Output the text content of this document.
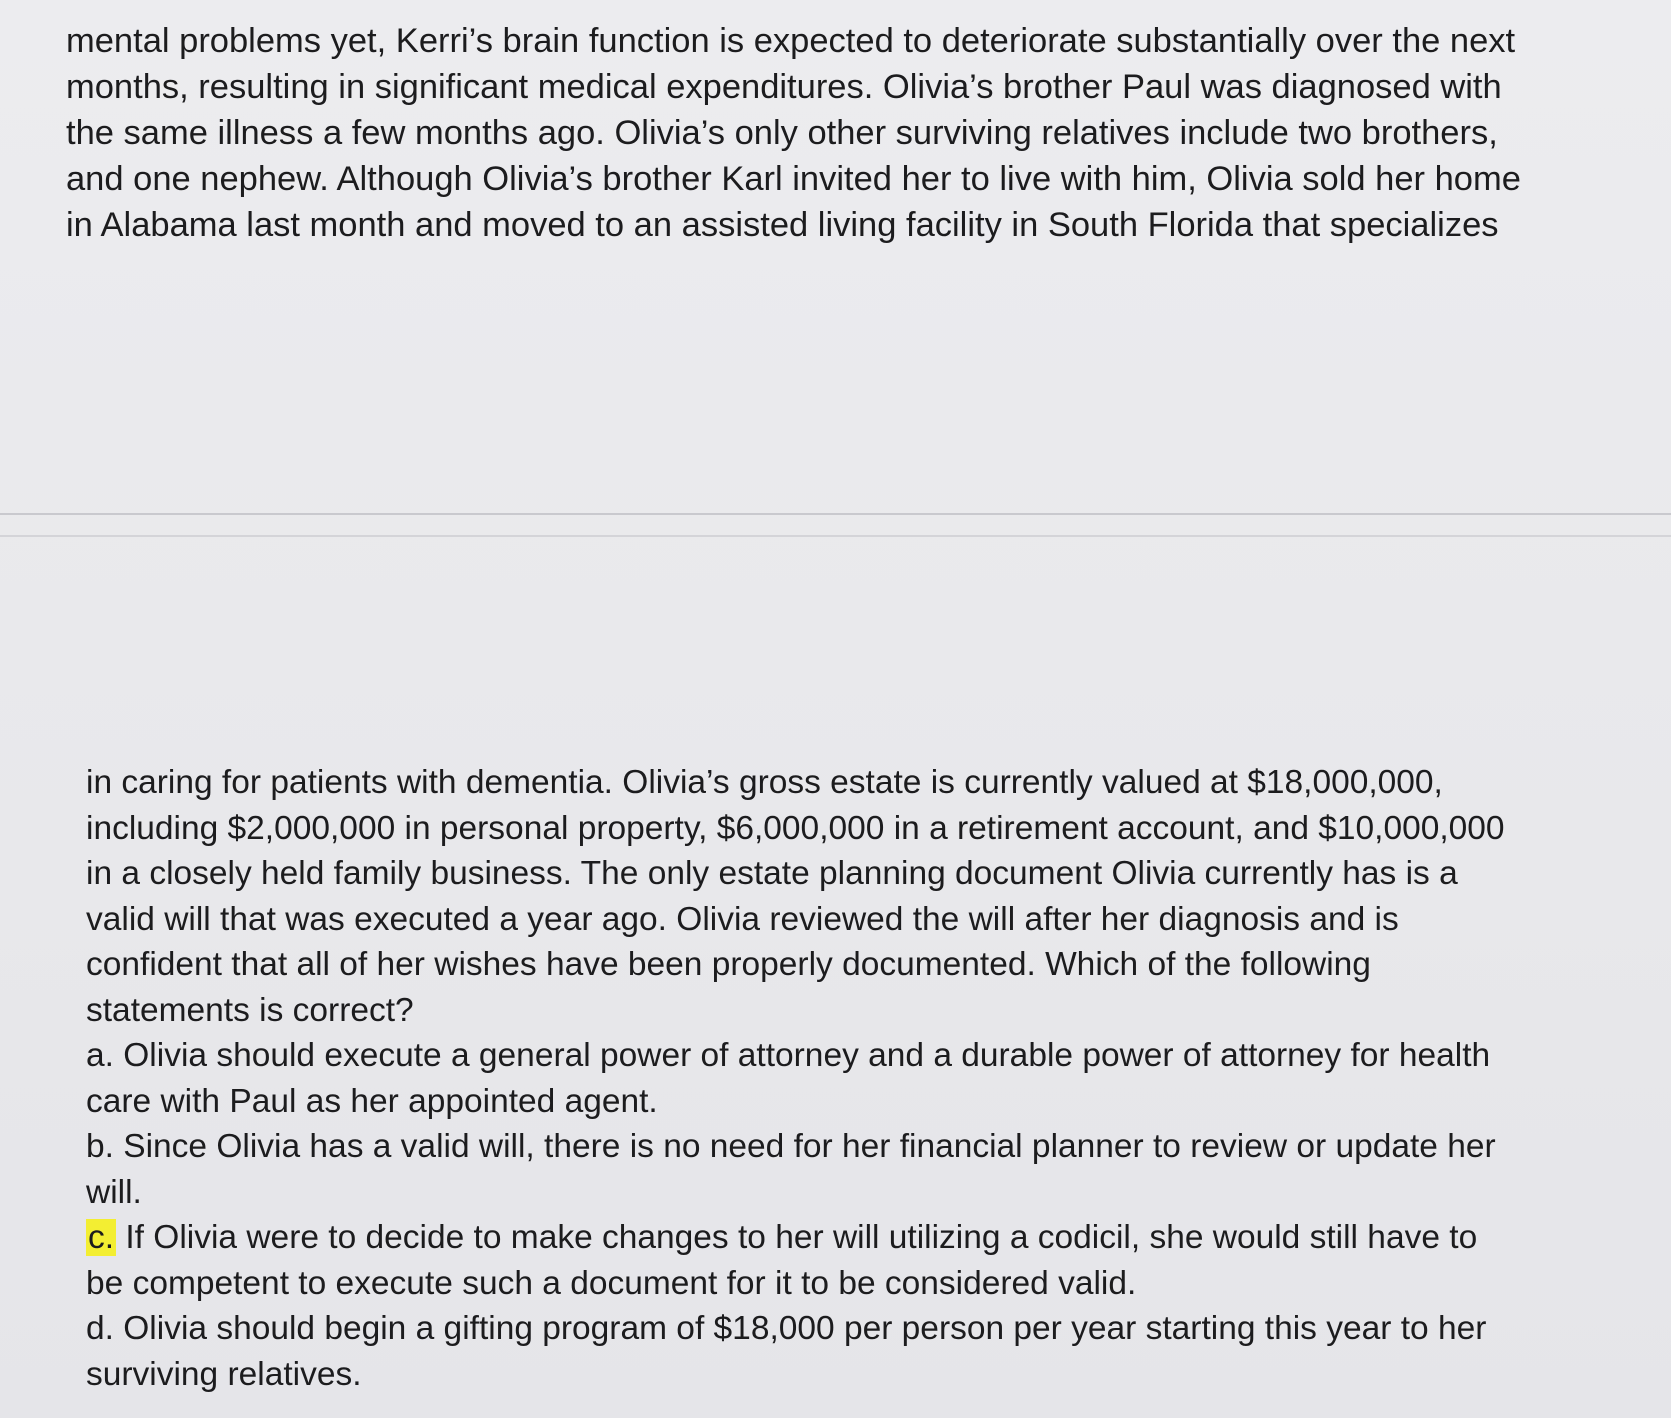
mental problems yet, Kerri’s brain function is expected to deteriorate substantially over the next
months, resulting in significant medical expenditures. Olivia’s brother Paul was diagnosed with
the same illness a few months ago. Olivia’s only other surviving relatives include two brothers,
and one nephew. Although Olivia’s brother Karl invited her to live with him, Olivia sold her home
in Alabama last month and moved to an assisted living facility in South Florida that specializes
in caring for patients with dementia. Olivia’s gross estate is currently valued at $18,000,000,
including $2,000,000 in personal property, $6,000,000 in a retirement account, and $10,000,000
in a closely held family business. The only estate planning document Olivia currently has is a
valid will that was executed a year ago. Olivia reviewed the will after her diagnosis and is
confident that all of her wishes have been properly documented. Which of the following
statements is correct?
a. Olivia should execute a general power of attorney and a durable power of attorney for health
care with Paul as her appointed agent.
b. Since Olivia has a valid will, there is no need for her financial planner to review or update her
will.
c. If Olivia were to decide to make changes to her will utilizing a codicil, she would still have to
be competent to execute such a document for it to be considered valid.
d. Olivia should begin a gifting program of $18,000 per person per year starting this year to her
surviving relatives.
